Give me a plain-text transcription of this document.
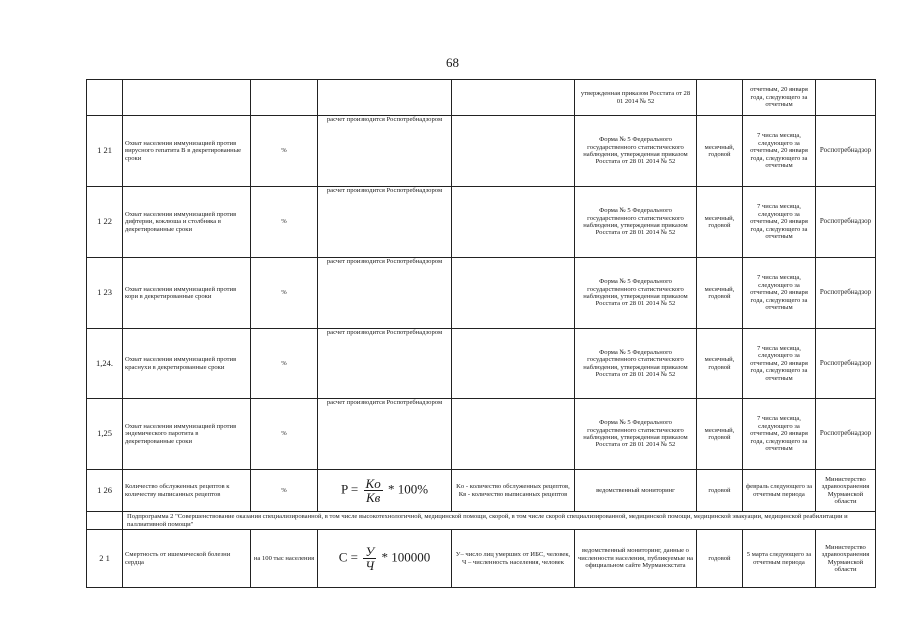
68
					утвержденная приказом Росстата от 28 01 2014 № 52		отчетным, 20 января года, следующего за отчетным	
1 21	Охват населения иммунизацией против вирусного гепатита В в декретированные сроки	%	расчет производится Роспотребнадзором		Форма № 5 Федерального государственного статистического наблюдения, утвержденная приказом Росстата от 28 01 2014 № 52	месячный, годовой	7 числа месяца, следующего за отчетным, 20 января года, следующего за отчетным	Роспотребнадзор
1 22	Охват населения иммунизацией против дифтерии, коклюша и столбняка в декретированные сроки	%	расчет производится Роспотребнадзором		Форма № 5 Федерального государственного статистического наблюдения, утвержденная приказом Росстата от 28 01 2014 № 52	месячный, годовой	7 числа месяца, следующего за отчетным, 20 января года, следующего за отчетным	Роспотребнадзор
1 23	Охват населения иммунизацией против кори в декретированные сроки	%	расчет производится Роспотребнадзором		Форма № 5 Федерального государственного статистического наблюдения, утвержденная приказом Росстата от 28 01 2014 № 52	месячный, годовой	7 числа месяца, следующего за отчетным, 20 января года, следующего за отчетным	Роспотребнадзор
1,24.	Охват населения иммунизацией против краснухи в декретированные сроки	%	расчет производится Роспотребнадзором		Форма № 5 Федерального государственного статистического наблюдения, утвержденная приказом Росстата от 28 01 2014 № 52	месячный, годовой	7 числа месяца, следующего за отчетным, 20 января года, следующего за отчетным	Роспотребнадзор
1,25	Охват населения иммунизацией против эндемического паротита в декретированные сроки	%	расчет производится Роспотребнадзором		Форма № 5 Федерального государственного статистического наблюдения, утвержденная приказом Росстата от 28 01 2014 № 52	месячный, годовой	7 числа месяца, следующего за отчетным, 20 января года, следующего за отчетным	Роспотребнадзор
1 26	Количество обслуженных рецептов к количеству выписанных рецептов	%	$P = \frac{Ko}{Kв} * 100\%$	Ko - количество обслуженных рецептов, Кв - количество выписанных рецептов	ведомственный мониторинг	годовой	февраль следующего за отчетным периода	Министерство здравоохранения Мурманской области
	Подпрограмма 2 "Совершенствование оказания специализированной, в том числе высокотехнологичной, медицинской помощи, скорой, в том числе скорой специализированной, медицинской помощи, медицинской эвакуации, медицинской реабилитации и паллиативной помощи"							
2 1	Смертность от ишемической болезни сердца	на 100 тыс населения	$C = \frac{У}{Ч} * 100000$	У– число лиц умерших от ИБС, человек, Ч – численность населения, человек	ведомственный мониторинг, данные о численности населения, публикуемые на официальном сайте Мурманскстата	годовой	5 марта следующего за отчетным периода	Министерство здравоохранения Мурманской области
